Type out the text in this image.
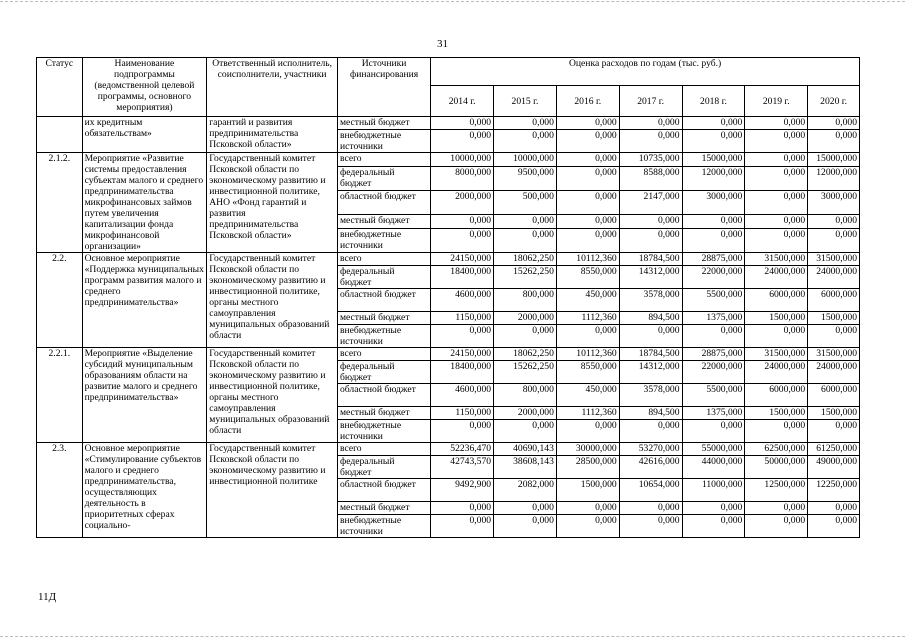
31
Статус	Наименование подпрограммы (ведомственной целевой программы, основного мероприятия)	Ответственный исполнитель, соисполнители, участники	Источники финансирования	Оценка расходов по годам (тыс. руб.)						
				2014 г.	2015 г.	2016 г.	2017 г.	2018 г.	2019 г.	2020 г.
	их кредитным обязательствам»	гарантий и развития предпринимательства Псковской области»	местный бюджет	0,000	0,000	0,000	0,000	0,000	0,000	0,000
			внебюджетные источники	0,000	0,000	0,000	0,000	0,000	0,000	0,000
2.1.2.	Мероприятие «Развитие системы предоставления субъектам малого и среднего предпринимательства микрофинансовых займов путем увеличения капитализации фонда микрофинансовой организации»	Государственный комитет Псковской области по экономическому развитию и инвестиционной политике, АНО «Фонд гарантий и развития предпринимательства Псковской области»	всего	10000,000	10000,000	0,000	10735,000	15000,000	0,000	15000,000
			федеральный бюджет	8000,000	9500,000	0,000	8588,000	12000,000	0,000	12000,000
			областной бюджет	2000,000	500,000	0,000	2147,000	3000,000	0,000	3000,000
			местный бюджет	0,000	0,000	0,000	0,000	0,000	0,000	0,000
			внебюджетные источники	0,000	0,000	0,000	0,000	0,000	0,000	0,000
2.2.	Основное мероприятие «Поддержка муниципальных программ развития малого и среднего предпринимательства»	Государственный комитет Псковской области по экономическому развитию и инвестиционной политике, органы местного самоуправления муниципальных образований области	всего	24150,000	18062,250	10112,360	18784,500	28875,000	31500,000	31500,000
			федеральный бюджет	18400,000	15262,250	8550,000	14312,000	22000,000	24000,000	24000,000
			областной бюджет	4600,000	800,000	450,000	3578,000	5500,000	6000,000	6000,000
			местный бюджет	1150,000	2000,000	1112,360	894,500	1375,000	1500,000	1500,000
			внебюджетные источники	0,000	0,000	0,000	0,000	0,000	0,000	0,000
2.2.1.	Мероприятие «Выделение субсидий муниципальным образованиям области на развитие малого и среднего предпринимательства»	Государственный комитет Псковской области по экономическому развитию и инвестиционной политике, органы местного самоуправления муниципальных образований области	всего	24150,000	18062,250	10112,360	18784,500	28875,000	31500,000	31500,000
			федеральный бюджет	18400,000	15262,250	8550,000	14312,000	22000,000	24000,000	24000,000
			областной бюджет	4600,000	800,000	450,000	3578,000	5500,000	6000,000	6000,000
			местный бюджет	1150,000	2000,000	1112,360	894,500	1375,000	1500,000	1500,000
			внебюджетные источники	0,000	0,000	0,000	0,000	0,000	0,000	0,000
2.3.	Основное мероприятие «Стимулирование субъектов малого и среднего предпринимательства, осуществляющих деятельность в приоритетных сферах социально-	Государственный комитет Псковской области по экономическому развитию и инвестиционной политике	всего	52236,470	40690,143	30000,000	53270,000	55000,000	62500,000	61250,000
			федеральный бюджет	42743,570	38608,143	28500,000	42616,000	44000,000	50000,000	49000,000
			областной бюджет	9492,900	2082,000	1500,000	10654,000	11000,000	12500,000	12250,000
			местный бюджет	0,000	0,000	0,000	0,000	0,000	0,000	0,000
			внебюджетные источники	0,000	0,000	0,000	0,000	0,000	0,000	0,000
11Д
